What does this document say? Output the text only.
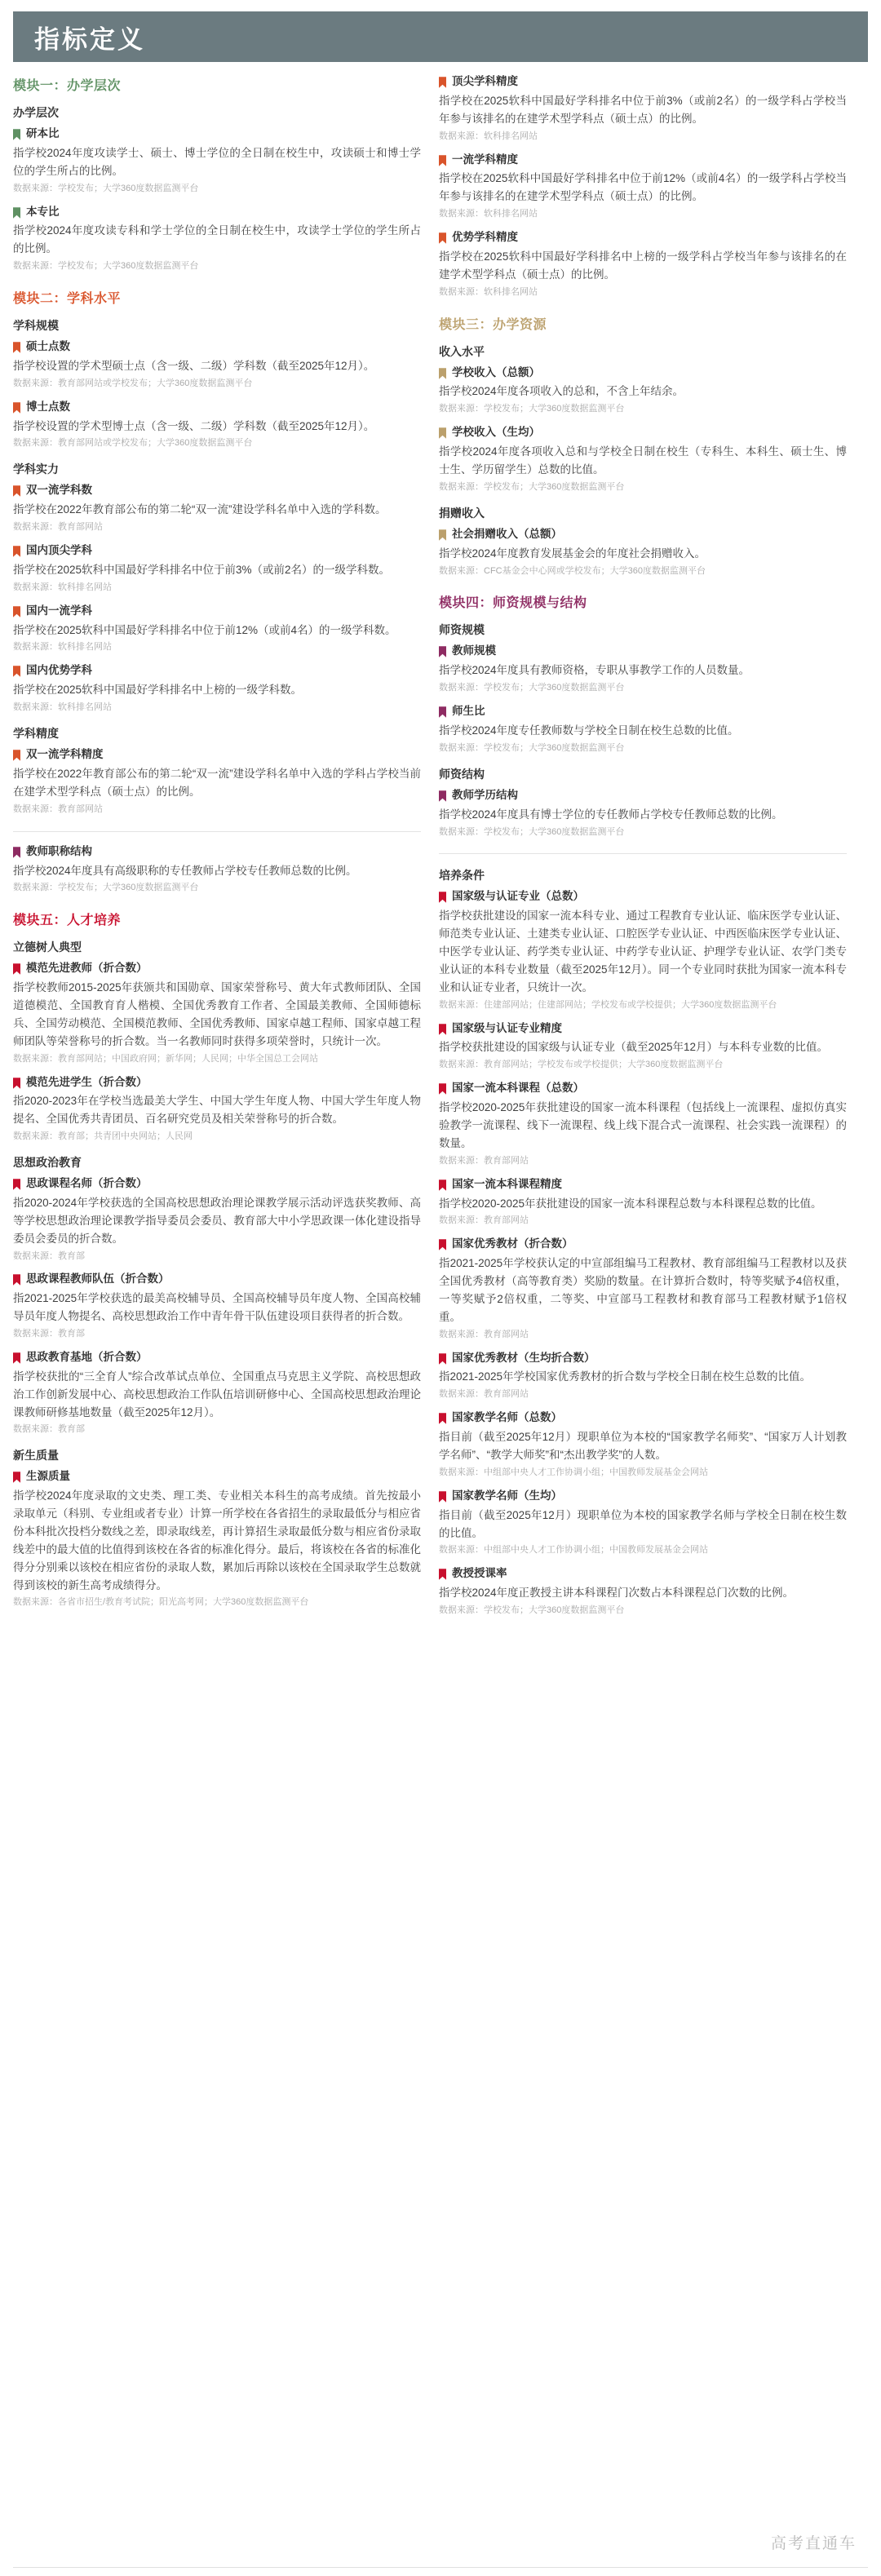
指标定义
模块一：办学层次
办学层次
研本比

指学校2024年度攻读学士、硕士、博士学位的全日制在校生中，攻读硕士和博士学位的学生所占的比例。

数据来源：学校发布；大学360度数据监测平台

本专比

指学校2024年度攻读专科和学士学位的全日制在校生中，攻读学士学位的学生所占的比例。

数据来源：学校发布；大学360度数据监测平台

模块二：学科水平
学科规模
硕士点数

指学校设置的学术型硕士点（含一级、二级）学科数（截至2025年12月）。

数据来源：教育部网站或学校发布；大学360度数据监测平台

博士点数

指学校设置的学术型博士点（含一级、二级）学科数（截至2025年12月）。

数据来源：教育部网站或学校发布；大学360度数据监测平台

学科实力
双一流学科数

指学校在2022年教育部公布的第二轮“双一流”建设学科名单中入选的学科数。

数据来源：教育部网站

国内顶尖学科

指学校在2025软科中国最好学科排名中位于前3%（或前2名）的一级学科数。

数据来源：软科排名网站

国内一流学科

指学校在2025软科中国最好学科排名中位于前12%（或前4名）的一级学科数。

数据来源：软科排名网站

国内优势学科

指学校在2025软科中国最好学科排名中上榜的一级学科数。

数据来源：软科排名网站

学科精度
双一流学科精度

指学校在2022年教育部公布的第二轮“双一流”建设学科名单中入选的学科占学校当前在建学术型学科点（硕士点）的比例。

数据来源：教育部网站

教师职称结构

指学校2024年度具有高级职称的专任教师占学校专任教师总数的比例。

数据来源：学校发布；大学360度数据监测平台

模块五：人才培养
立德树人典型
模范先进教师（折合数）

指学校教师2015-2025年获颁共和国勋章、国家荣誉称号、黄大年式教师团队、全国道德模范、全国教育育人楷模、全国优秀教育工作者、全国最美教师、全国师德标兵、全国劳动模范、全国模范教师、全国优秀教师、国家卓越工程师、国家卓越工程师团队等荣誉称号的折合数。当一名教师同时获得多项荣誉时，只统计一次。

数据来源：教育部网站；中国政府网；新华网；人民网；中华全国总工会网站

模范先进学生（折合数）

指2020-2023年在学校当选最美大学生、中国大学生年度人物、中国大学生年度人物提名、全国优秀共青团员、百名研究党员及相关荣誉称号的折合数。

数据来源：教育部；共青团中央网站；人民网

思想政治教育
思政课程名师（折合数）

指2020-2024年学校获选的全国高校思想政治理论课教学展示活动评选获奖教师、高等学校思想政治理论课教学指导委员会委员、教育部大中小学思政课一体化建设指导委员会委员的折合数。

数据来源：教育部

思政课程教师队伍（折合数）

指2021-2025年学校获选的最美高校辅导员、全国高校辅导员年度人物、全国高校辅导员年度人物提名、高校思想政治工作中青年骨干队伍建设项目获得者的折合数。

数据来源：教育部

思政教育基地（折合数）

指学校获批的“三全育人”综合改革试点单位、全国重点马克思主义学院、高校思想政治工作创新发展中心、高校思想政治工作队伍培训研修中心、全国高校思想政治理论课教师研修基地数量（截至2025年12月）。

数据来源：教育部

新生质量
生源质量

指学校2024年度录取的文史类、理工类、专业相关本科生的高考成绩。首先按最小录取单元（科别、专业组或者专业）计算一所学校在各省招生的录取最低分与相应省份本科批次投档分数线之差，即录取线差，再计算招生录取最低分数与相应省份录取线差中的最大值的比值得到该校在各省的标准化得分。最后，将该校在各省的标准化得分分别乘以该校在相应省份的录取人数，累加后再除以该校在全国录取学生总数就得到该校的新生高考成绩得分。

数据来源：各省市招生/教育考试院；阳光高考网；大学360度数据监测平台

顶尖学科精度

指学校在2025软科中国最好学科排名中位于前3%（或前2名）的一级学科占学校当年参与该排名的在建学术型学科点（硕士点）的比例。

数据来源：软科排名网站

一流学科精度

指学校在2025软科中国最好学科排名中位于前12%（或前4名）的一级学科占学校当年参与该排名的在建学术型学科点（硕士点）的比例。

数据来源：软科排名网站

优势学科精度

指学校在2025软科中国最好学科排名中上榜的一级学科占学校当年参与该排名的在建学术型学科点（硕士点）的比例。

数据来源：软科排名网站

模块三：办学资源
收入水平
学校收入（总额）

指学校2024年度各项收入的总和，不含上年结余。

数据来源：学校发布；大学360度数据监测平台

学校收入（生均）

指学校2024年度各项收入总和与学校全日制在校生（专科生、本科生、硕士生、博士生、学历留学生）总数的比值。

数据来源：学校发布；大学360度数据监测平台

捐赠收入
社会捐赠收入（总额）

指学校2024年度教育发展基金会的年度社会捐赠收入。

数据来源：CFC基金会中心网或学校发布；大学360度数据监测平台

模块四：师资规模与结构
师资规模
教师规模

指学校2024年度具有教师资格，专职从事教学工作的人员数量。

数据来源：学校发布；大学360度数据监测平台

师生比

指学校2024年度专任教师数与学校全日制在校生总数的比值。

数据来源：学校发布；大学360度数据监测平台

师资结构
教师学历结构

指学校2024年度具有博士学位的专任教师占学校专任教师总数的比例。

数据来源：学校发布；大学360度数据监测平台

培养条件
国家级与认证专业（总数）

指学校获批建设的国家一流本科专业、通过工程教育专业认证、临床医学专业认证、师范类专业认证、土建类专业认证、口腔医学专业认证、中西医临床医学专业认证、中医学专业认证、药学类专业认证、中药学专业认证、护理学专业认证、农学门类专业认证的本科专业数量（截至2025年12月）。同一个专业同时获批为国家一流本科专业和认证专业者，只统计一次。

数据来源：住建部网站；住建部网站；学校发布或学校提供；大学360度数据监测平台

国家级与认证专业精度

指学校获批建设的国家级与认证专业（截至2025年12月）与本科专业数的比值。

数据来源：教育部网站；学校发布或学校提供；大学360度数据监测平台

国家一流本科课程（总数）

指学校2020-2025年获批建设的国家一流本科课程（包括线上一流课程、虚拟仿真实验教学一流课程、线下一流课程、线上线下混合式一流课程、社会实践一流课程）的数量。

数据来源：教育部网站

国家一流本科课程精度

指学校2020-2025年获批建设的国家一流本科课程总数与本科课程总数的比值。

数据来源：教育部网站

国家优秀教材（折合数）

指2021-2025年学校获认定的中宣部组编马工程教材、教育部组编马工程教材以及获全国优秀教材（高等教育类）奖励的数量。在计算折合数时，特等奖赋予4倍权重，一等奖赋予2倍权重，二等奖、中宣部马工程教材和教育部马工程教材赋予1倍权重。

数据来源：教育部网站

国家优秀教材（生均折合数）

指2021-2025年学校国家优秀教材的折合数与学校全日制在校生总数的比值。

数据来源：教育部网站

国家教学名师（总数）

指目前（截至2025年12月）现职单位为本校的“国家教学名师奖”、“国家万人计划教学名师”、“教学大师奖”和“杰出教学奖”的人数。

数据来源：中组部中央人才工作协调小组；中国教师发展基金会网站

国家教学名师（生均）

指目前（截至2025年12月）现职单位为本校的国家教学名师与学校全日制在校生数的比值。

数据来源：中组部中央人才工作协调小组；中国教师发展基金会网站

教授授课率

指学校2024年度正教授主讲本科课程门次数占本科课程总门次数的比例。

数据来源：学校发布；大学360度数据监测平台

高考直通车
